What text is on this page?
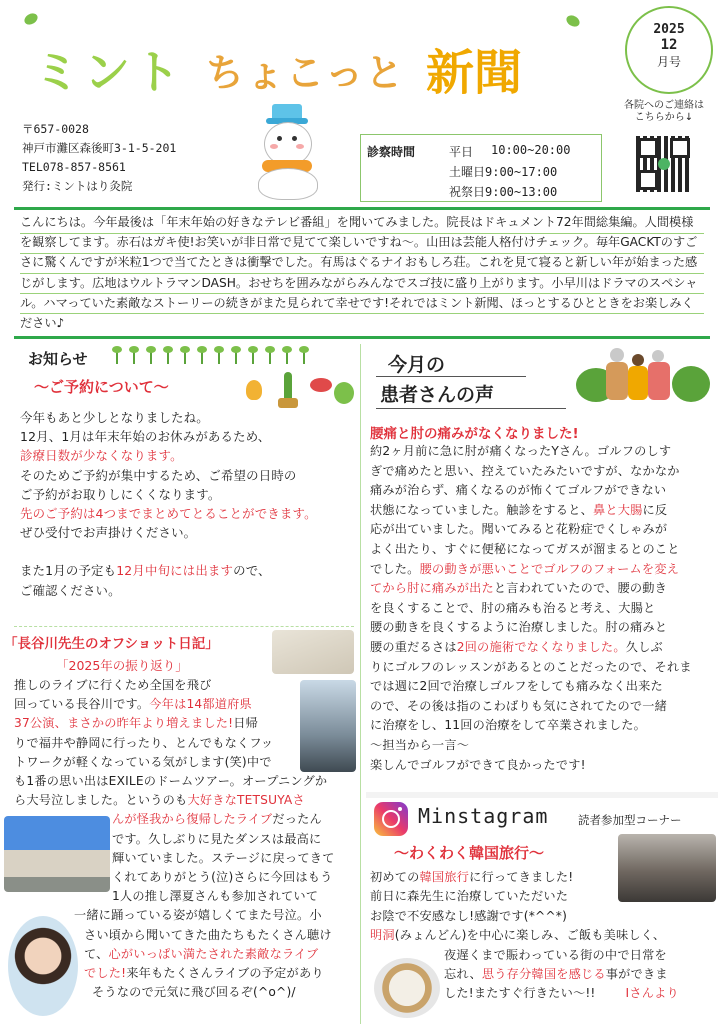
ミント ちょこっと 新聞
2025
12
月号
各院へのご連絡は
こちらから↓
〒657-0028
神戸市灘区森後町3-1-5-201
TEL078-857-8561
発行:ミントはり灸院
診察時間	平日 10:00~20:00
土曜日9:00~17:00
祝祭日9:00~13:00
こんにちは。今年最後は「年末年始の好きなテレビ番組」を聞いてみました。院長はドキュメント72年間総集編。人間模様を観察してます。赤石はガキ使!お笑いが非日常で見てて楽しいですね〜。山田は芸能人格付けチェック。毎年GACKTのすごさに驚くんですが米粒1つで当てたときは衝撃でした。有馬はぐるナイおもしろ荘。これを見て寝ると新しい年が始まった感じがします。広地はウルトラマンDASH。おせちを囲みながらみんなでスゴ技に盛り上がります。小早川はドラマのスペシャル。ハマっていた素敵なストーリーの続きがまた見られて幸せです!それではミント新聞、ほっとするひとときをお楽しみください♪
お知らせ
〜ご予約について〜
今年もあと少しとなりましたね。
12月、1月は年末年始のお休みがあるため、
診療日数が少なくなります。
そのためご予約が集中するため、ご希望の日時の
ご予約がお取りしにくくなります。
先のご予約は4つまでまとめてとることができます。
ぜひ受付でお声掛けください。
また1月の予定も12月中旬には出ますので、
ご確認ください。
「長谷川先生のオフショット日記」
「2025年の振り返り」
推しのライブに行くため全国を飛び
回っている長谷川です。今年は14都道府県
37公演、まさかの昨年より増えました!日帰
りで福井や静岡に行ったり、とんでもなくフッ
トワークが軽くなっている気がします(笑)中で
も1番の思い出はEXILEのドームツアー。オープニングか
ら大号泣しました。というのも大好きなTETSUYAさ
んが怪我から復帰したライブだったん
です。久しぶりに見たダンスは最高に
輝いていました。ステージに戻ってきて
くれてありがとう(泣)さらに今回はもう
1人の推し澤夏さんも参加されていて
一緒に踊っている姿が嬉しくてまた号泣。小
さい頃から聞いてきた曲たちもたくさん聴け
て、心がいっぱい満たされた素敵なライブ
でした!来年もたくさんライブの予定があり
そうなので元気に飛び回るぞ(^o^)/
今月の
患者さんの声
腰痛と肘の痛みがなくなりました!
約2ヶ月前に急に肘が痛くなったYさん。ゴルフのしす
ぎで痛めたと思い、控えていたみたいですが、なかなか
痛みが治らず、痛くなるのが怖くてゴルフができない
状態になっていました。触診をすると、鼻と大腸に反
応が出ていました。聞いてみると花粉症でくしゃみが
よく出たり、すぐに便秘になってガスが溜まるとのこと
でした。腰の動きが悪いことでゴルフのフォームを変え
てから肘に痛みが出たと言われていたので、腰の動き
を良くすることで、肘の痛みも治ると考え、大腸と
腰の動きを良くするように治療しました。肘の痛みと
腰の重だるさは2回の施術でなくなりました。久しぶ
りにゴルフのレッスンがあるとのことだったので、それま
では週に2回で治療しゴルフをしても痛みなく出来た
ので、その後は指のこわばりも気にされてたので一緒
に治療をし、11回の治療をして卒業されました。
〜担当から一言〜
楽しんでゴルフができて良かったです!
Minstagram	読者参加型コーナー
〜わくわく韓国旅行〜
初めての韓国旅行に行ってきました!
前日に森先生に治療していただいた
お陰で不安感なし!感謝です(*^^*)
明洞(みょんどん)を中心に楽しみ、ご飯も美味しく、
夜遅くまで賑わっている街の中で日常を
忘れ、思う存分韓国を感じる事ができま
した!またすぐ行きたい〜!! Iさんより
